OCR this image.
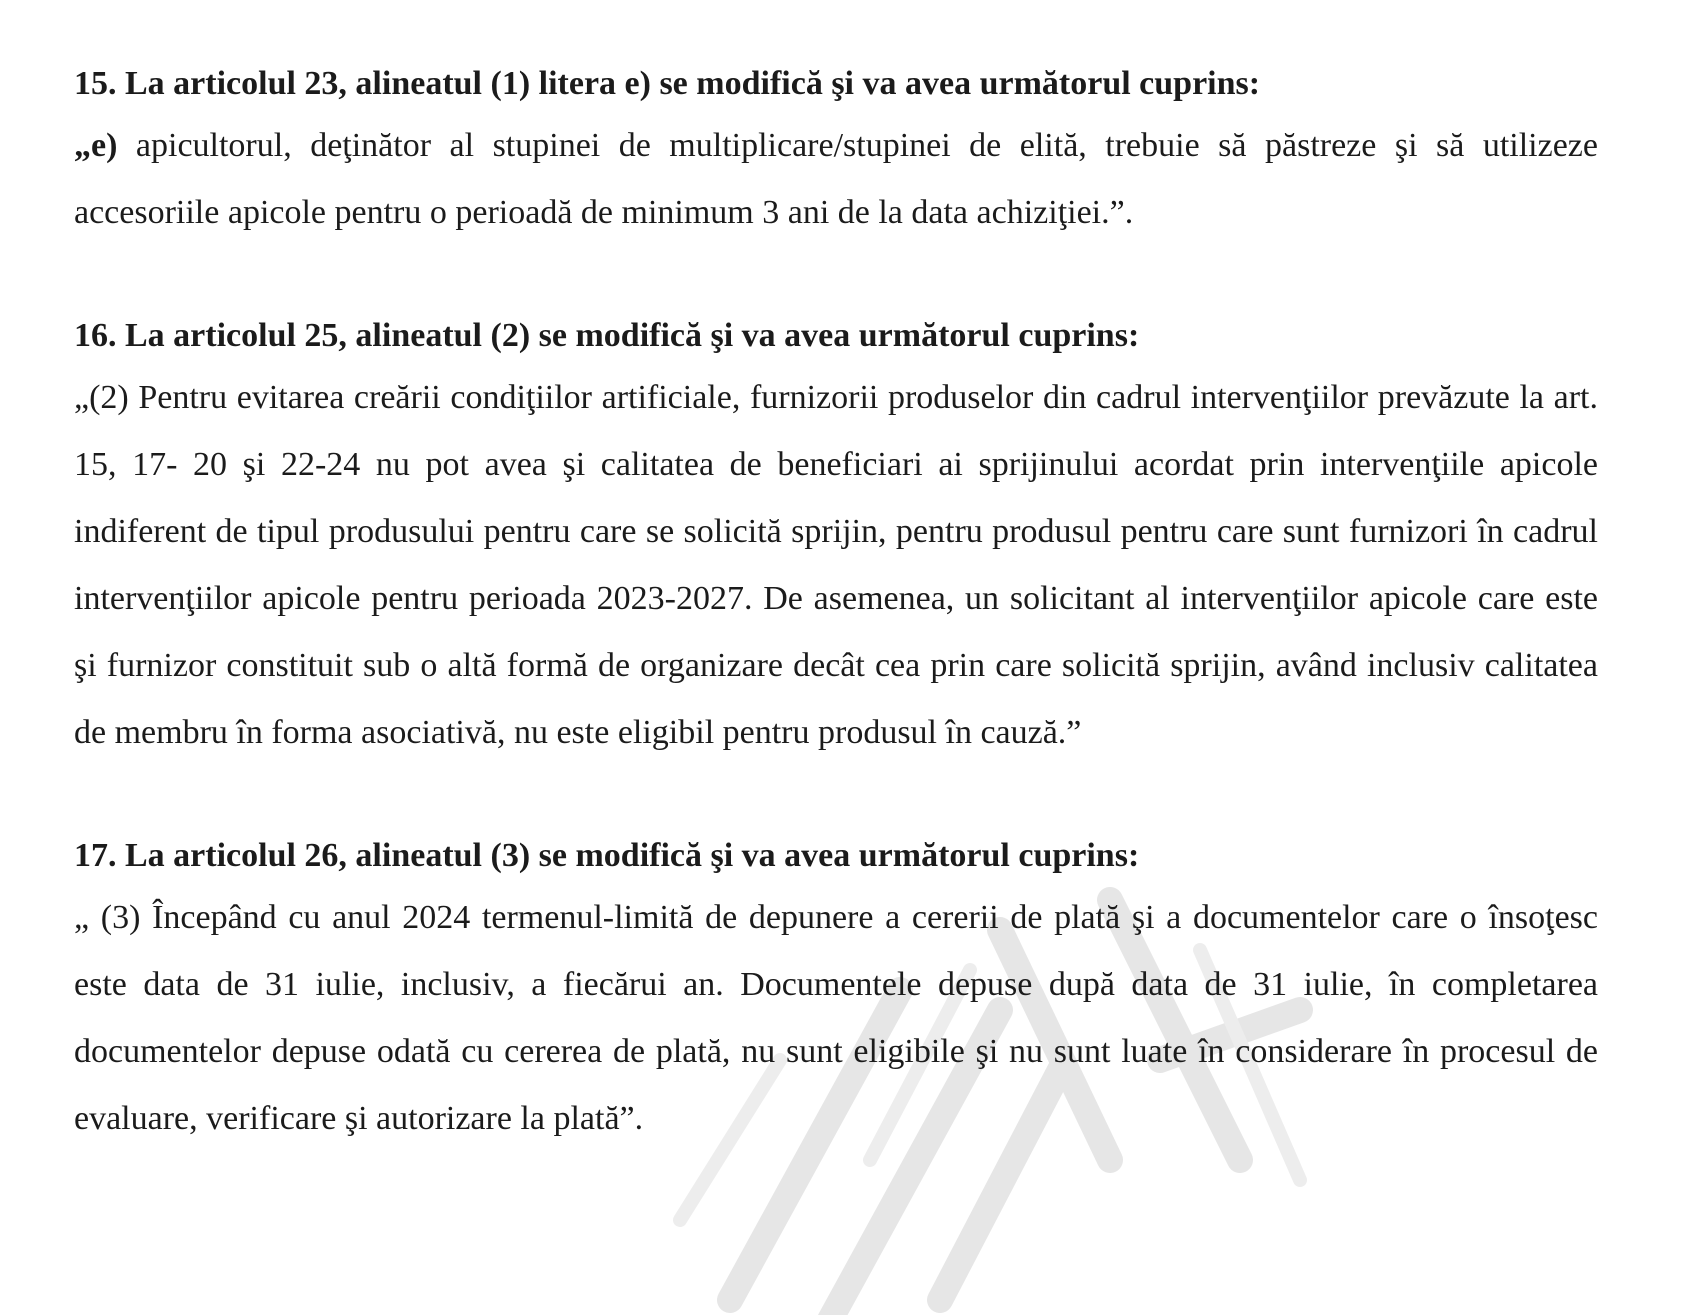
15. La articolul 23, alineatul (1) litera e) se modifică şi va avea următorul cuprins:

„e) apicultorul, deţinător al stupinei de multiplicare/stupinei de elită, trebuie să păstreze şi să utilizeze accesoriile apicole pentru o perioadă de minimum 3 ani de la data achiziţiei.”.

16. La articolul 25, alineatul (2) se modifică şi va avea următorul cuprins:

„(2) Pentru evitarea creării condiţiilor artificiale, furnizorii produselor din cadrul intervenţiilor prevăzute la art. 15, 17- 20 şi 22-24 nu pot avea şi calitatea de beneficiari ai sprijinului acordat prin intervenţiile apicole indiferent de tipul produsului pentru care se solicită sprijin, pentru produsul pentru care sunt furnizori în cadrul intervenţiilor apicole pentru perioada 2023-2027. De asemenea, un solicitant al intervenţiilor apicole care este şi furnizor constituit sub o altă formă de organizare decât cea prin care solicită sprijin, având inclusiv calitatea de membru în forma asociativă, nu este eligibil pentru produsul în cauză.”

17. La articolul 26, alineatul (3) se modifică şi va avea următorul cuprins:

„ (3) Începând cu anul 2024 termenul-limită de depunere a cererii de plată şi a documentelor care o însoţesc este data de 31 iulie, inclusiv, a fiecărui an. Documentele depuse după data de 31 iulie, în completarea documentelor depuse odată cu cererea de plată, nu sunt eligibile şi nu sunt luate în considerare în procesul de evaluare, verificare şi autorizare la plată”.
